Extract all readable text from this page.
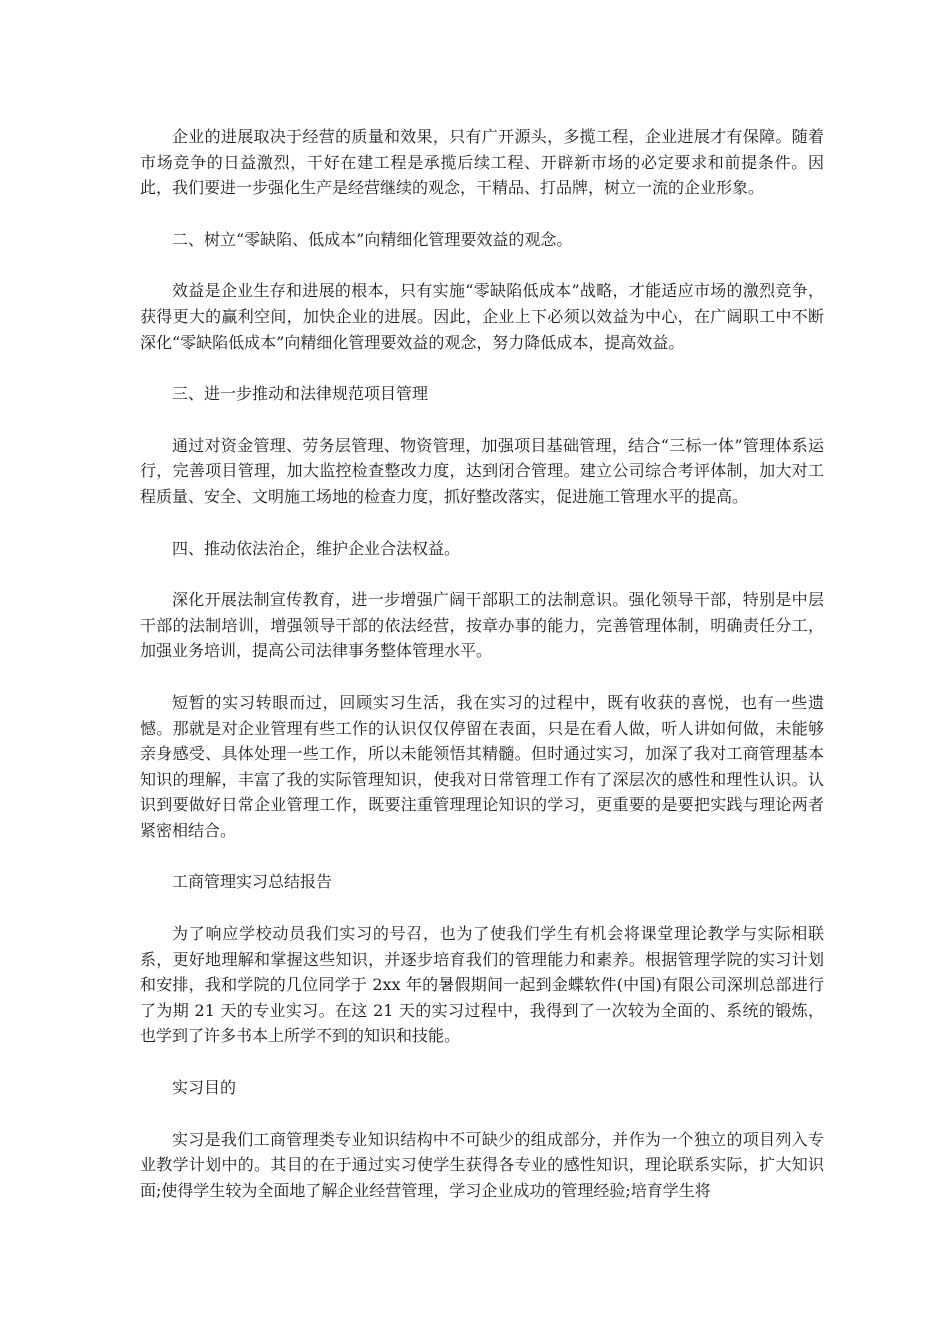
企业的进展取决于经营的质量和效果，只有广开源头，多揽工程，企业进展才有保障。随着市场竞争的日益激烈，干好在建工程是承揽后续工程、开辟新市场的必定要求和前提条件。因此，我们要进一步强化生产是经营继续的观念，干精品、打品牌，树立一流的企业形象。

二、树立“零缺陷、低成本”向精细化管理要效益的观念。

效益是企业生存和进展的根本，只有实施“零缺陷低成本”战略，才能适应市场的激烈竞争，获得更大的赢利空间，加快企业的进展。因此，企业上下必须以效益为中心，在广阔职工中不断深化“零缺陷低成本”向精细化管理要效益的观念，努力降低成本，提高效益。

三、进一步推动和法律规范项目管理

通过对资金管理、劳务层管理、物资管理，加强项目基础管理，结合“三标一体”管理体系运行，完善项目管理，加大监控检查整改力度，达到闭合管理。建立公司综合考评体制，加大对工程质量、安全、文明施工场地的检查力度，抓好整改落实，促进施工管理水平的提高。

四、推动依法治企，维护企业合法权益。

深化开展法制宣传教育，进一步增强广阔干部职工的法制意识。强化领导干部，特别是中层干部的法制培训，增强领导干部的依法经营，按章办事的能力，完善管理体制，明确责任分工，加强业务培训，提高公司法律事务整体管理水平。

短暂的实习转眼而过，回顾实习生活，我在实习的过程中，既有收获的喜悦，也有一些遗憾。那就是对企业管理有些工作的认识仅仅停留在表面，只是在看人做，听人讲如何做，未能够亲身感受、具体处理一些工作，所以未能领悟其精髓。但时通过实习，加深了我对工商管理基本知识的理解，丰富了我的实际管理知识，使我对日常管理工作有了深层次的感性和理性认识。认识到要做好日常企业管理工作，既要注重管理理论知识的学习，更重要的是要把实践与理论两者紧密相结合。

工商管理实习总结报告

为了响应学校动员我们实习的号召，也为了使我们学生有机会将课堂理论教学与实际相联系，更好地理解和掌握这些知识，并逐步培育我们的管理能力和素养。根据管理学院的实习计划和安排，我和学院的几位同学于 2xx 年的暑假期间一起到金蝶软件(中国)有限公司深圳总部进行了为期 21 天的专业实习。在这 21 天的实习过程中，我得到了一次较为全面的、系统的锻炼，也学到了许多书本上所学不到的知识和技能。

实习目的

实习是我们工商管理类专业知识结构中不可缺少的组成部分，并作为一个独立的项目列入专业教学计划中的。其目的在于通过实习使学生获得各专业的感性知识，理论联系实际，扩大知识面;使得学生较为全面地了解企业经营管理，学习企业成功的管理经验;培育学生将
